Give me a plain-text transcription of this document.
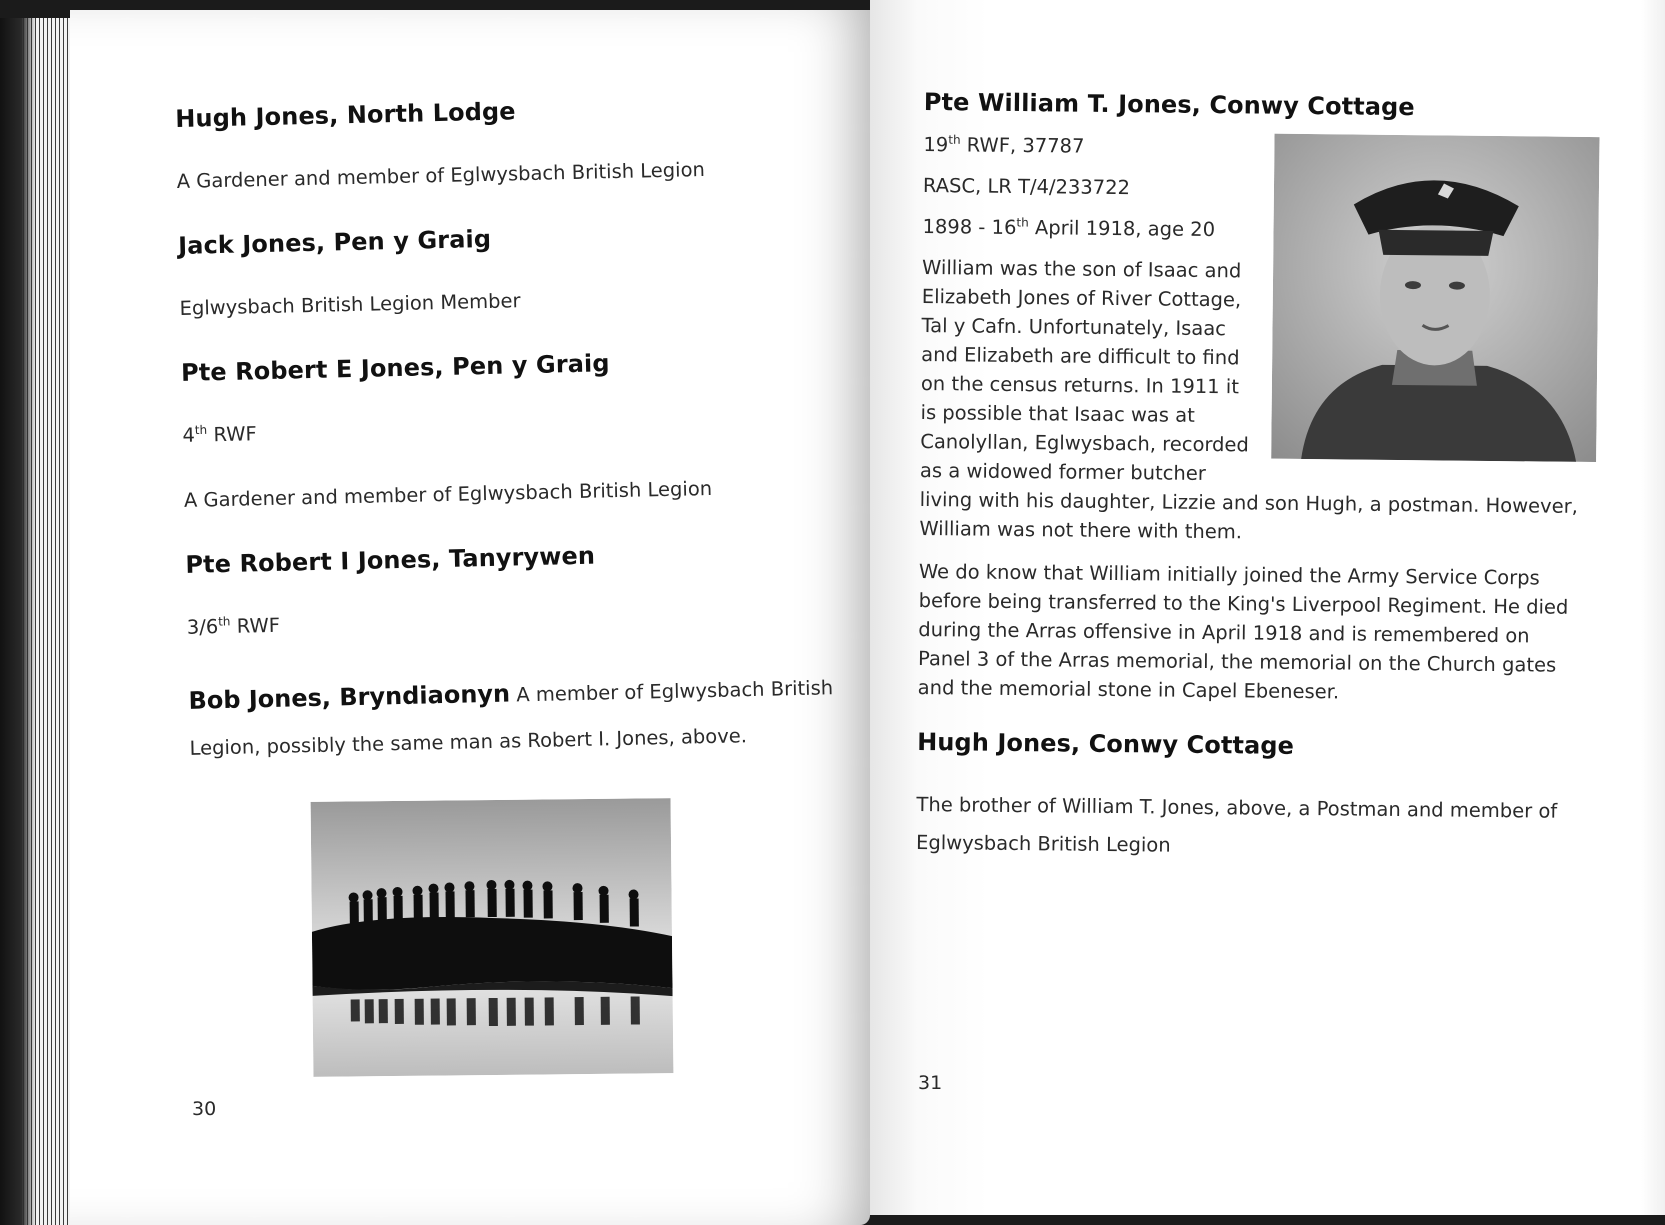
Hugh Jones, North Lodge

A Gardener and member of Eglwysbach British Legion

Jack Jones, Pen y Graig

Eglwysbach British Legion Member

Pte Robert E Jones, Pen y Graig

4th RWF

A Gardener and member of Eglwysbach British Legion

Pte Robert I Jones, Tanyrywen

3/6th RWF

Bob Jones, Bryndiaonyn A member of Eglwysbach British Legion, possibly the same man as Robert I. Jones, above.
30
Pte William T. Jones, Conwy Cottage

19th RWF, 37787

RASC, LR T/4/233722

1898 - 16th April 1918, age 20

William was the son of Isaac and Elizabeth Jones of River Cottage, Tal y Cafn. Unfortunately, Isaac and Elizabeth are difficult to find on the census returns. In 1911 it is possible that Isaac was at Canolyllan, Eglwysbach, recorded as a widowed former butcher living with his daughter, Lizzie and son Hugh, a postman. However, William was not there with them.

We do know that William initially joined the Army Service Corps before being transferred to the King's Liverpool Regiment. He died during the Arras offensive in April 1918 and is remembered on Panel 3 of the Arras memorial, the memorial on the Church gates and the memorial stone in Capel Ebeneser.

Hugh Jones, Conwy Cottage

The brother of William T. Jones, above, a Postman and member of Eglwysbach British Legion

31
